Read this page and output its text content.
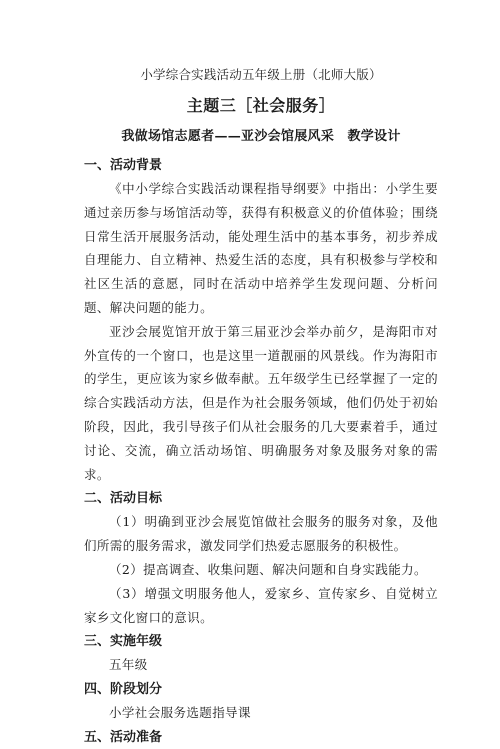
小学综合实践活动五年级上册（北师大版）
主题三［社会服务］
我做场馆志愿者——亚沙会馆展风采　教学设计
一、活动背景

《中小学综合实践活动课程指导纲要》中指出：小学生要通过亲历参与场馆活动等，获得有积极意义的价值体验；围绕日常生活开展服务活动，能处理生活中的基本事务，初步养成自理能力、自立精神、热爱生活的态度，具有积极参与学校和社区生活的意愿，同时在活动中培养学生发现问题、分析问题、解决问题的能力。

亚沙会展览馆开放于第三届亚沙会举办前夕，是海阳市对外宣传的一个窗口，也是这里一道靓丽的风景线。作为海阳市的学生，更应该为家乡做奉献。五年级学生已经掌握了一定的综合实践活动方法，但是作为社会服务领域，他们仍处于初始阶段，因此，我引导孩子们从社会服务的几大要素着手，通过讨论、交流，确立活动场馆、明确服务对象及服务对象的需求。

二、活动目标

（1）明确到亚沙会展览馆做社会服务的服务对象，及他们所需的服务需求，激发同学们热爱志愿服务的积极性。

（2）提高调查、收集问题、解决问题和自身实践能力。

（3）增强文明服务他人，爱家乡、宣传家乡、自觉树立家乡文化窗口的意识。

三、实施年级

五年级

四、阶段划分

小学社会服务选题指导课

五、活动准备
